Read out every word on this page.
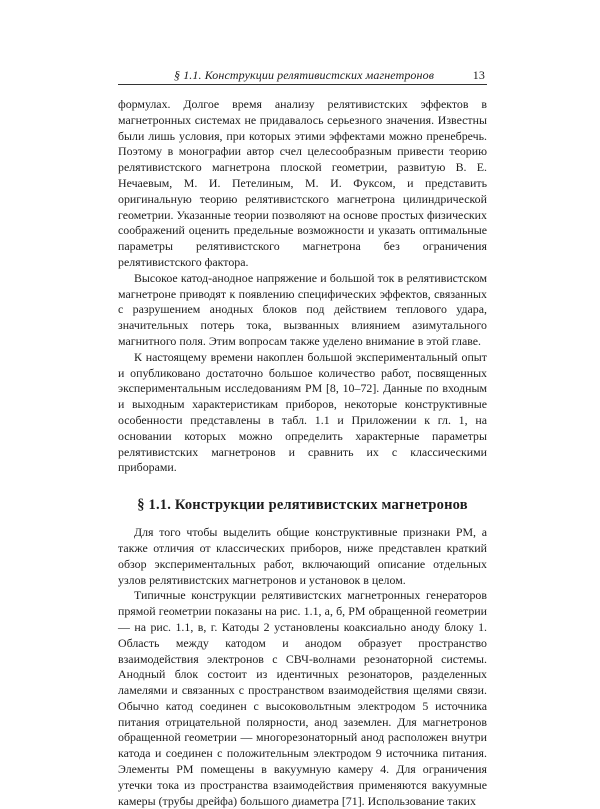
§ 1.1. Конструкции релятивистских магнетронов	13

формулах. Долгое время анализу релятивистских эффектов в магнетронных системах не придавалось серьезного значения. Известны были лишь условия, при которых этими эффектами можно пренебречь. Поэтому в монографии автор счел целесообразным привести теорию релятивистского магнетрона плоской геометрии, развитую В. Е. Нечаевым, М. И. Петелиным, М. И. Фуксом, и представить оригинальную теорию релятивистского магнетрона цилиндрической геометрии. Указанные теории позволяют на основе простых физических соображений оценить предельные возможности и указать оптимальные параметры релятивистского магнетрона без ограничения релятивистского фактора.

Высокое катод-анодное напряжение и большой ток в релятивистском магнетроне приводят к появлению специфических эффектов, связанных с разрушением анодных блоков под действием теплового удара, значительных потерь тока, вызванных влиянием азимутального магнитного поля. Этим вопросам также уделено внимание в этой главе.

К настоящему времени накоплен большой экспериментальный опыт и опубликовано достаточно большое количество работ, посвященных экспериментальным исследованиям РМ [8, 10–72]. Данные по входным и выходным характеристикам приборов, некоторые конструктивные особенности представлены в табл. 1.1 и Приложении к гл. 1, на основании которых можно определить характерные параметры релятивистских магнетронов и сравнить их с классическими приборами.

§ 1.1. Конструкции релятивистских магнетронов

Для того чтобы выделить общие конструктивные признаки РМ, а также отличия от классических приборов, ниже представлен краткий обзор экспериментальных работ, включающий описание отдельных узлов релятивистских магнетронов и установок в целом.

Типичные конструкции релятивистских магнетронных генераторов прямой геометрии показаны на рис. 1.1, а, б, РМ обращенной геометрии — на рис. 1.1, в, г. Катоды 2 установлены коаксиально аноду блоку 1. Область между катодом и анодом образует пространство взаимодействия электронов с СВЧ-волнами резонаторной системы. Анодный блок состоит из идентичных резонаторов, разделенных ламелями и связанных с пространством взаимодействия щелями связи. Обычно катод соединен с высоковольтным электродом 5 источника питания отрицательной полярности, анод заземлен. Для магнетронов обращенной геометрии — многорезонаторный анод расположен внутри катода и соединен с положительным электродом 9 источника питания. Элементы РМ помещены в вакуумную камеру 4. Для ограничения утечки тока из пространства взаимодействия применяются вакуумные камеры (трубы дрейфа) большого диаметра [71]. Использование таких
